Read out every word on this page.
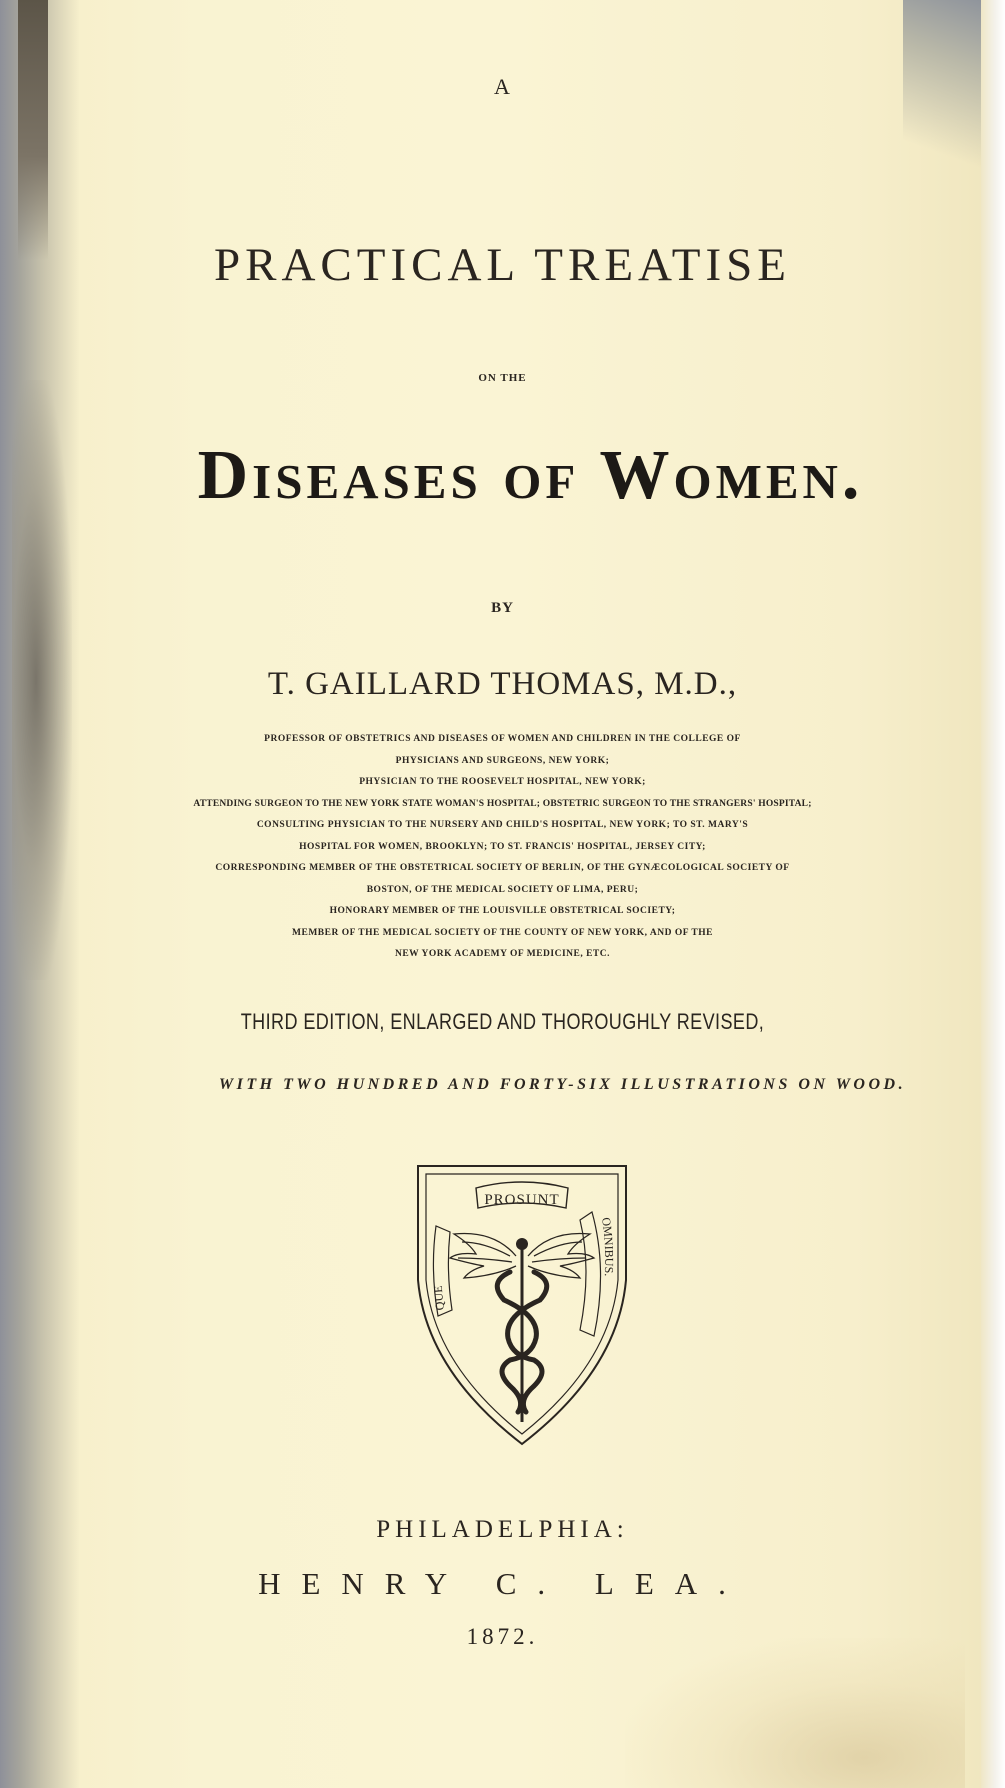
A

PRACTICAL TREATISE

ON THE

Diseases of Women.

BY

T. GAILLARD THOMAS, M.D.,

PROFESSOR OF OBSTETRICS AND DISEASES OF WOMEN AND CHILDREN IN THE COLLEGE OF
PHYSICIANS AND SURGEONS, NEW YORK;
PHYSICIAN TO THE ROOSEVELT HOSPITAL, NEW YORK;
ATTENDING SURGEON TO THE NEW YORK STATE WOMAN'S HOSPITAL; OBSTETRIC SURGEON TO THE STRANGERS' HOSPITAL;
CONSULTING PHYSICIAN TO THE NURSERY AND CHILD'S HOSPITAL, NEW YORK; TO ST. MARY'S
HOSPITAL FOR WOMEN, BROOKLYN; TO ST. FRANCIS' HOSPITAL, JERSEY CITY;
CORRESPONDING MEMBER OF THE OBSTETRICAL SOCIETY OF BERLIN, OF THE GYNÆCOLOGICAL SOCIETY OF
BOSTON, OF THE MEDICAL SOCIETY OF LIMA, PERU;
HONORARY MEMBER OF THE LOUISVILLE OBSTETRICAL SOCIETY;
MEMBER OF THE MEDICAL SOCIETY OF THE COUNTY OF NEW YORK, AND OF THE
NEW YORK ACADEMY OF MEDICINE, ETC.

THIRD EDITION, ENLARGED AND THOROUGHLY REVISED,

WITH TWO HUNDRED AND FORTY-SIX ILLUSTRATIONS ON WOOD.

PROSUNT
QUE
OMNIBUS.

PHILADELPHIA:

HENRY C. LEA.

1872.
